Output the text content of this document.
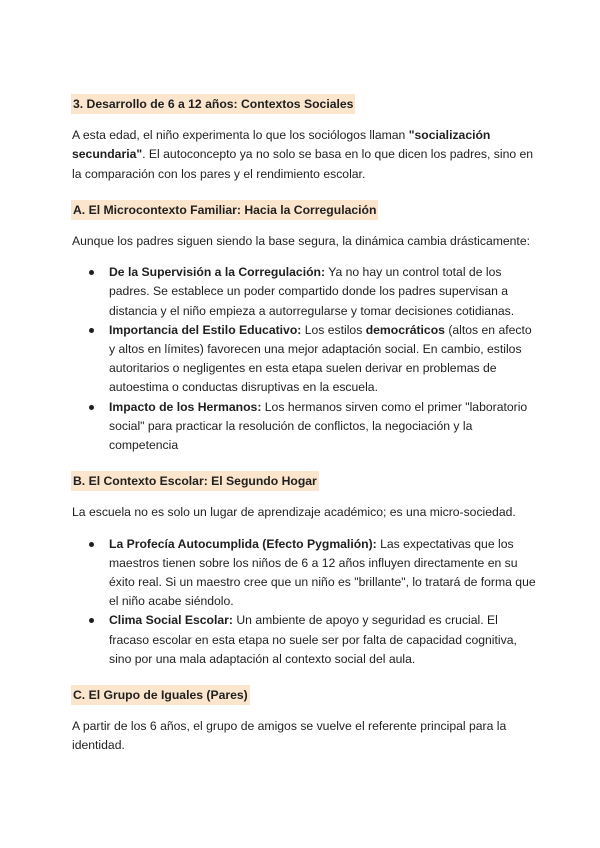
3. Desarrollo de 6 a 12 años: Contextos Sociales

A esta edad, el niño experimenta lo que los sociólogos llaman "socialización secundaria". El autoconcepto ya no solo se basa en lo que dicen los padres, sino en la comparación con los pares y el rendimiento escolar.

A. El Microcontexto Familiar: Hacia la Corregulación

Aunque los padres siguen siendo la base segura, la dinámica cambia drásticamente:

De la Supervisión a la Corregulación: Ya no hay un control total de los padres. Se establece un poder compartido donde los padres supervisan a distancia y el niño empieza a autorregularse y tomar decisiones cotidianas.
Importancia del Estilo Educativo: Los estilos democráticos (altos en afecto y altos en límites) favorecen una mejor adaptación social. En cambio, estilos autoritarios o negligentes en esta etapa suelen derivar en problemas de autoestima o conductas disruptivas en la escuela.
Impacto de los Hermanos: Los hermanos sirven como el primer "laboratorio social" para practicar la resolución de conflictos, la negociación y la competencia
B. El Contexto Escolar: El Segundo Hogar

La escuela no es solo un lugar de aprendizaje académico; es una micro-sociedad.

La Profecía Autocumplida (Efecto Pygmalión): Las expectativas que los maestros tienen sobre los niños de 6 a 12 años influyen directamente en su éxito real. Si un maestro cree que un niño es "brillante", lo tratará de forma que el niño acabe siéndolo.
Clima Social Escolar: Un ambiente de apoyo y seguridad es crucial. El fracaso escolar en esta etapa no suele ser por falta de capacidad cognitiva, sino por una mala adaptación al contexto social del aula.
C. El Grupo de Iguales (Pares)

A partir de los 6 años, el grupo de amigos se vuelve el referente principal para la identidad.
